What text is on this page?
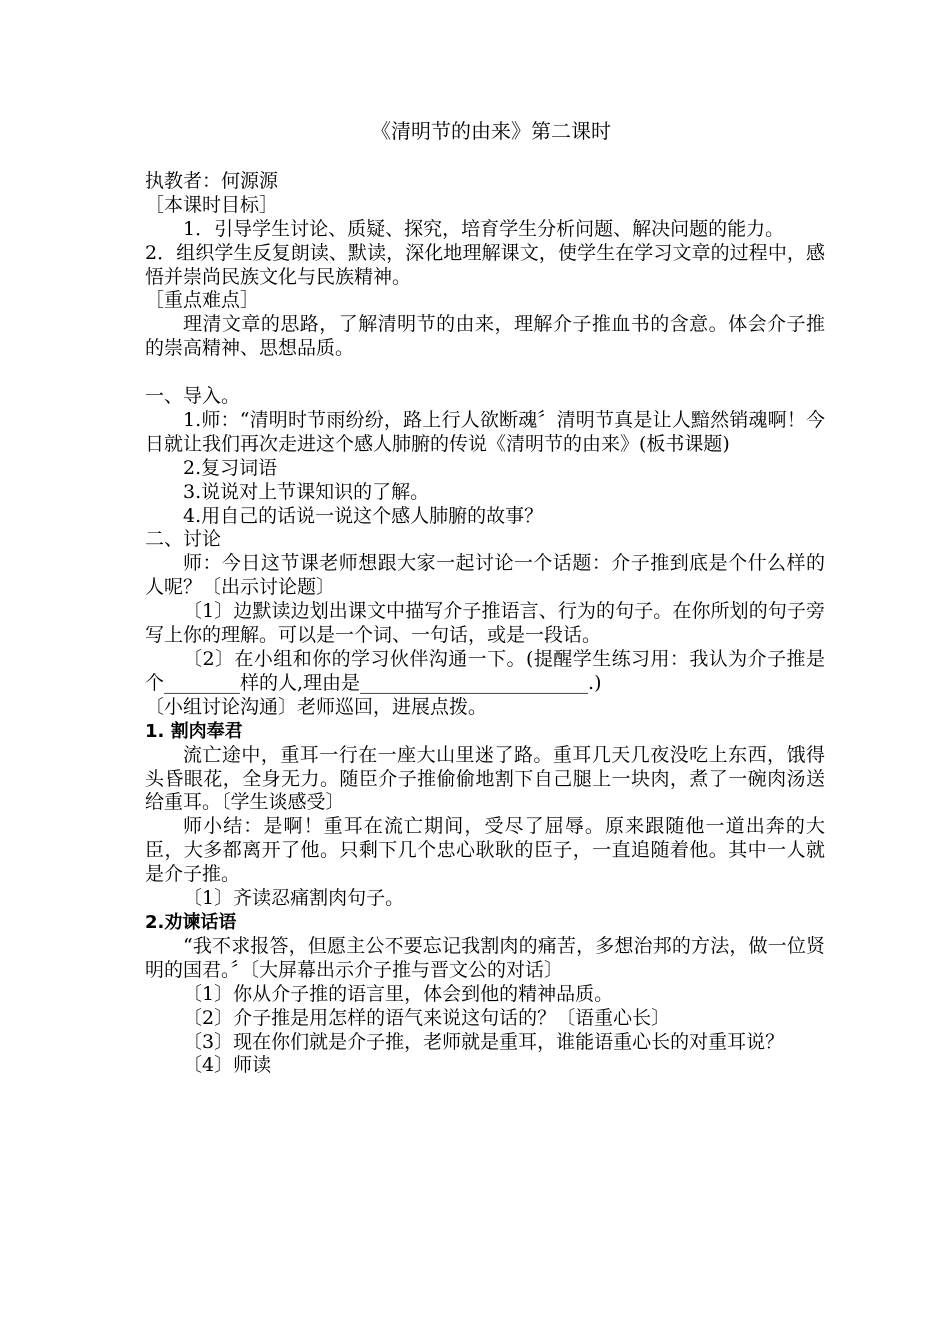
《清明节的由来》第二课时

执教者：何源源

［本课时目标］

1．引导学生讨论、质疑、探究，培育学生分析问题、解决问题的能力。

2．组织学生反复朗读、默读，深化地理解课文，使学生在学习文章的过程中，感悟并崇尚民族文化与民族精神。

［重点难点］

理清文章的思路，了解清明节的由来，理解介子推血书的含意。体会介子推的崇高精神、思想品质。

一、导入。

1.师：“清明时节雨纷纷，路上行人欲断魂〞清明节真是让人黯然销魂啊！今日就让我们再次走进这个感人肺腑的传说《清明节的由来》(板书课题)

2.复习词语

3.说说对上节课知识的了解。

4.用自己的话说一说这个感人肺腑的故事？

二、讨论

师：今日这节课老师想跟大家一起讨论一个话题：介子推到底是个什么样的人呢？〔出示讨论题〕

〔1〕边默读边划出课文中描写介子推语言、行为的句子。在你所划的句子旁写上你的理解。可以是一个词、一句话，或是一段话。

〔2〕在小组和你的学习伙伴沟通一下。(提醒学生练习用：我认为介子推是个________样的人,理由是________________________.)

〔小组讨论沟通〕老师巡回，进展点拨。

1. 割肉奉君

流亡途中，重耳一行在一座大山里迷了路。重耳几天几夜没吃上东西，饿得头昏眼花，全身无力。随臣介子推偷偷地割下自己腿上一块肉，煮了一碗肉汤送给重耳。〔学生谈感受〕

师小结：是啊！重耳在流亡期间，受尽了屈辱。原来跟随他一道出奔的大臣，大多都离开了他。只剩下几个忠心耿耿的臣子，一直追随着他。其中一人就是介子推。

〔1〕齐读忍痛割肉句子。

2.劝谏话语

“我不求报答，但愿主公不要忘记我割肉的痛苦，多想治邦的方法，做一位贤明的国君。〞〔大屏幕出示介子推与晋文公的对话〕

〔1〕你从介子推的语言里，体会到他的精神品质。

〔2〕介子推是用怎样的语气来说这句话的？〔语重心长〕

〔3〕现在你们就是介子推，老师就是重耳，谁能语重心长的对重耳说？

〔4〕师读
